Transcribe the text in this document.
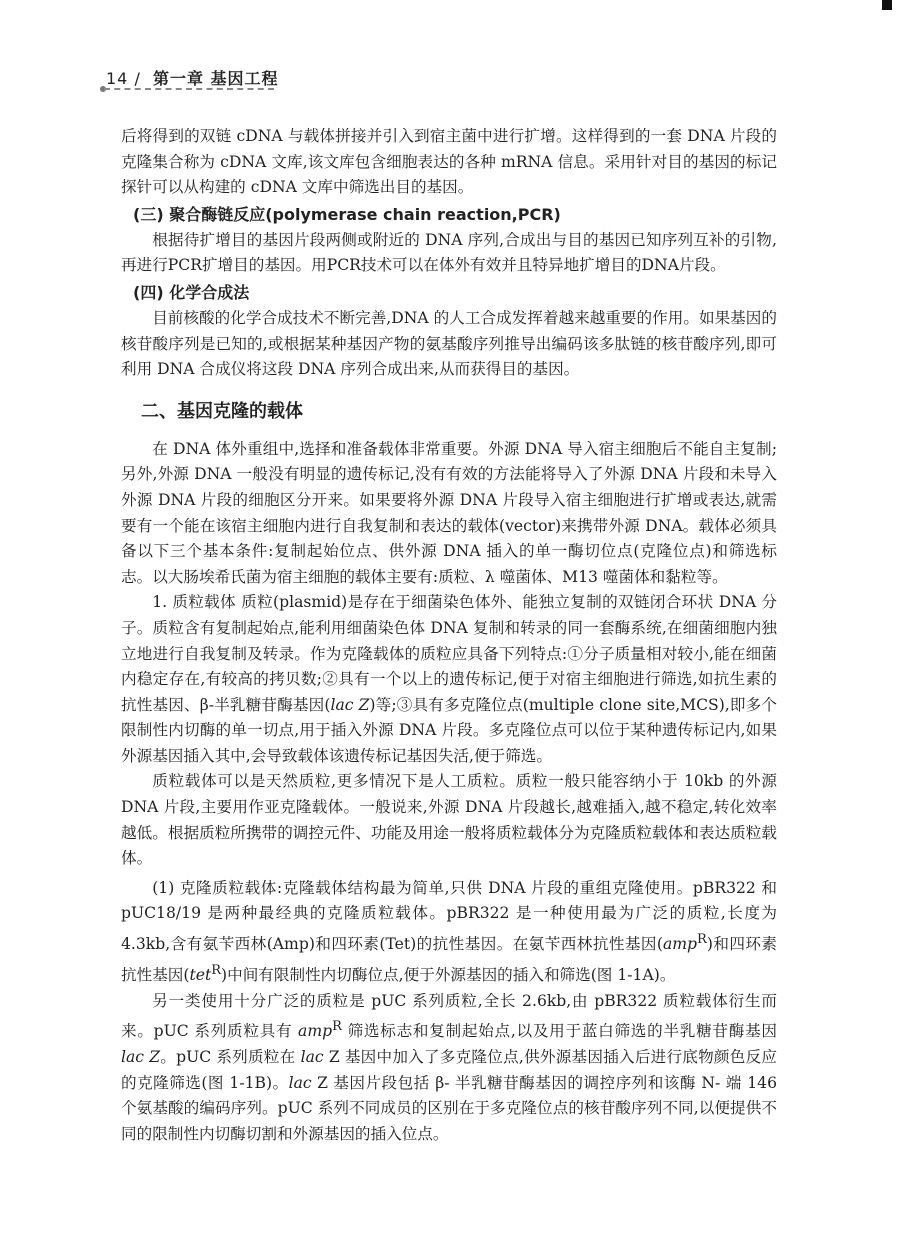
14 / 第一章 基因工程

后将得到的双链 cDNA 与载体拼接并引入到宿主菌中进行扩增。这样得到的一套 DNA 片段的克隆集合称为 cDNA 文库,该文库包含细胞表达的各种 mRNA 信息。采用针对目的基因的标记探针可以从构建的 cDNA 文库中筛选出目的基因。

(三) 聚合酶链反应(polymerase chain reaction,PCR)

根据待扩增目的基因片段两侧或附近的 DNA 序列,合成出与目的基因已知序列互补的引物,再进行PCR扩增目的基因。用PCR技术可以在体外有效并且特异地扩增目的DNA片段。

(四) 化学合成法

目前核酸的化学合成技术不断完善,DNA 的人工合成发挥着越来越重要的作用。如果基因的核苷酸序列是已知的,或根据某种基因产物的氨基酸序列推导出编码该多肽链的核苷酸序列,即可利用 DNA 合成仪将这段 DNA 序列合成出来,从而获得目的基因。

二、基因克隆的载体

在 DNA 体外重组中,选择和准备载体非常重要。外源 DNA 导入宿主细胞后不能自主复制;另外,外源 DNA 一般没有明显的遗传标记,没有有效的方法能将导入了外源 DNA 片段和未导入外源 DNA 片段的细胞区分开来。如果要将外源 DNA 片段导入宿主细胞进行扩增或表达,就需要有一个能在该宿主细胞内进行自我复制和表达的载体(vector)来携带外源 DNA。载体必须具备以下三个基本条件:复制起始位点、供外源 DNA 插入的单一酶切位点(克隆位点)和筛选标志。以大肠埃希氏菌为宿主细胞的载体主要有:质粒、λ 噬菌体、M13 噬菌体和黏粒等。

1. 质粒载体 质粒(plasmid)是存在于细菌染色体外、能独立复制的双链闭合环状 DNA 分子。质粒含有复制起始点,能利用细菌染色体 DNA 复制和转录的同一套酶系统,在细菌细胞内独立地进行自我复制及转录。作为克隆载体的质粒应具备下列特点:①分子质量相对较小,能在细菌内稳定存在,有较高的拷贝数;②具有一个以上的遗传标记,便于对宿主细胞进行筛选,如抗生素的抗性基因、β-半乳糖苷酶基因(lac Z)等;③具有多克隆位点(multiple clone site,MCS),即多个限制性内切酶的单一切点,用于插入外源 DNA 片段。多克隆位点可以位于某种遗传标记内,如果外源基因插入其中,会导致载体该遗传标记基因失活,便于筛选。

质粒载体可以是天然质粒,更多情况下是人工质粒。质粒一般只能容纳小于 10kb 的外源 DNA 片段,主要用作亚克隆载体。一般说来,外源 DNA 片段越长,越难插入,越不稳定,转化效率越低。根据质粒所携带的调控元件、功能及用途一般将质粒载体分为克隆质粒载体和表达质粒载体。

(1) 克隆质粒载体:克隆载体结构最为简单,只供 DNA 片段的重组克隆使用。pBR322 和 pUC18/19 是两种最经典的克隆质粒载体。pBR322 是一种使用最为广泛的质粒,长度为 4.3kb,含有氨苄西林(Amp)和四环素(Tet)的抗性基因。在氨苄西林抗性基因(amp$^R$)和四环素抗性基因(tet$^R$)中间有限制性内切酶位点,便于外源基因的插入和筛选(图 1-1A)。

另一类使用十分广泛的质粒是 pUC 系列质粒,全长 2.6kb,由 pBR322 质粒载体衍生而来。pUC 系列质粒具有 amp$^R$ 筛选标志和复制起始点,以及用于蓝白筛选的半乳糖苷酶基因 lac Z。pUC 系列质粒在 lac Z 基因中加入了多克隆位点,供外源基因插入后进行底物颜色反应的克隆筛选(图 1-1B)。lac Z 基因片段包括 β- 半乳糖苷酶基因的调控序列和该酶 N- 端 146 个氨基酸的编码序列。pUC 系列不同成员的区别在于多克隆位点的核苷酸序列不同,以便提供不同的限制性内切酶切割和外源基因的插入位点。
